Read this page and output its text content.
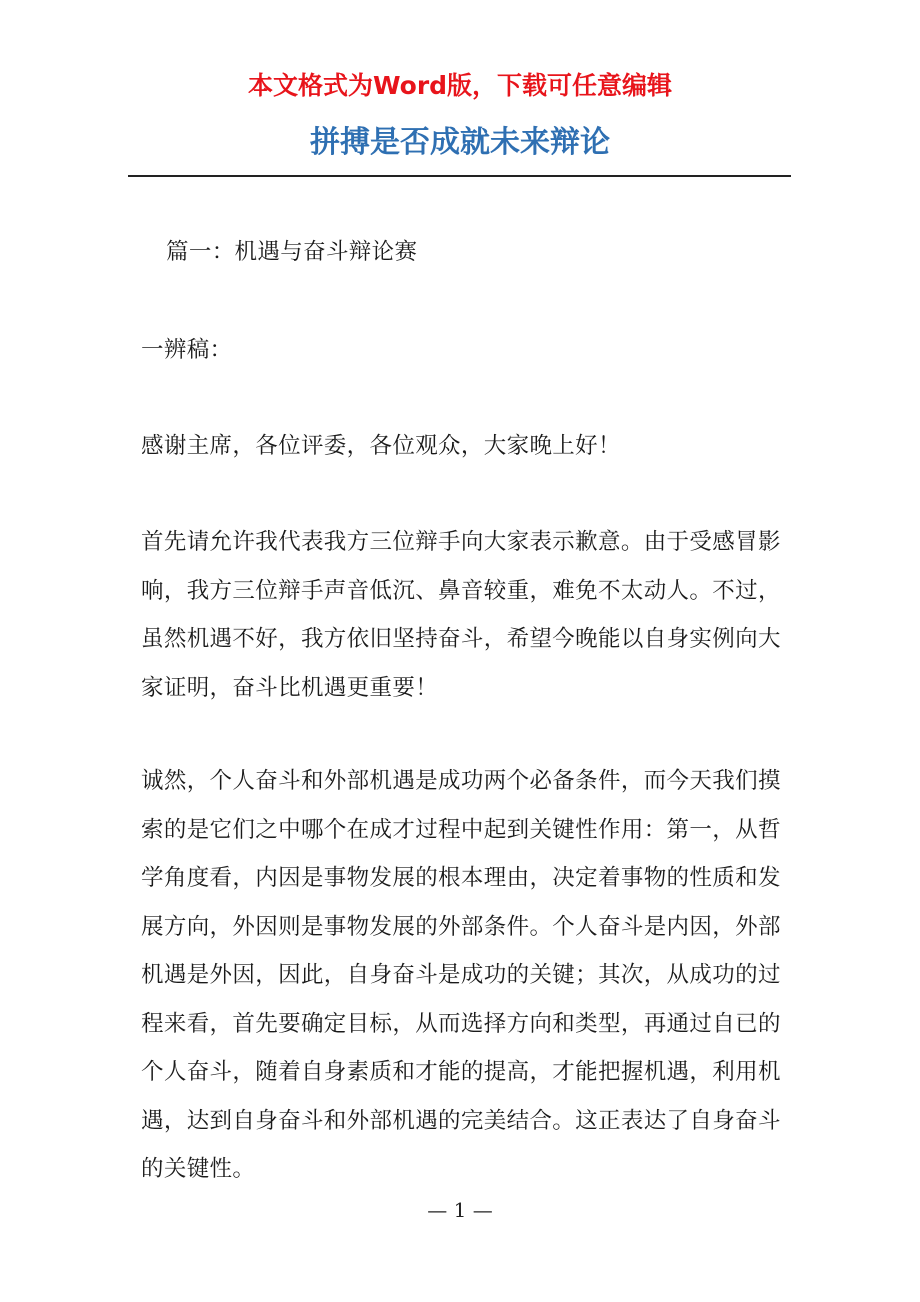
本文格式为Word版，下载可任意编辑
拼搏是否成就未来辩论

篇一：机遇与奋斗辩论赛

一辨稿：

感谢主席，各位评委，各位观众，大家晚上好！

首先请允许我代表我方三位辩手向大家表示歉意。由于受感冒影响，我方三位辩手声音低沉、鼻音较重，难免不太动人。不过，虽然机遇不好，我方依旧坚持奋斗，希望今晚能以自身实例向大家证明，奋斗比机遇更重要！

诚然，个人奋斗和外部机遇是成功两个必备条件，而今天我们摸索的是它们之中哪个在成才过程中起到关键性作用：第一，从哲学角度看，内因是事物发展的根本理由，决定着事物的性质和发展方向，外因则是事物发展的外部条件。个人奋斗是内因，外部机遇是外因，因此，自身奋斗是成功的关键；其次，从成功的过程来看，首先要确定目标，从而选择方向和类型，再通过自已的个人奋斗，随着自身素质和才能的提高，才能把握机遇，利用机遇，达到自身奋斗和外部机遇的完美结合。这正表达了自身奋斗的关键性。

— 1 —
